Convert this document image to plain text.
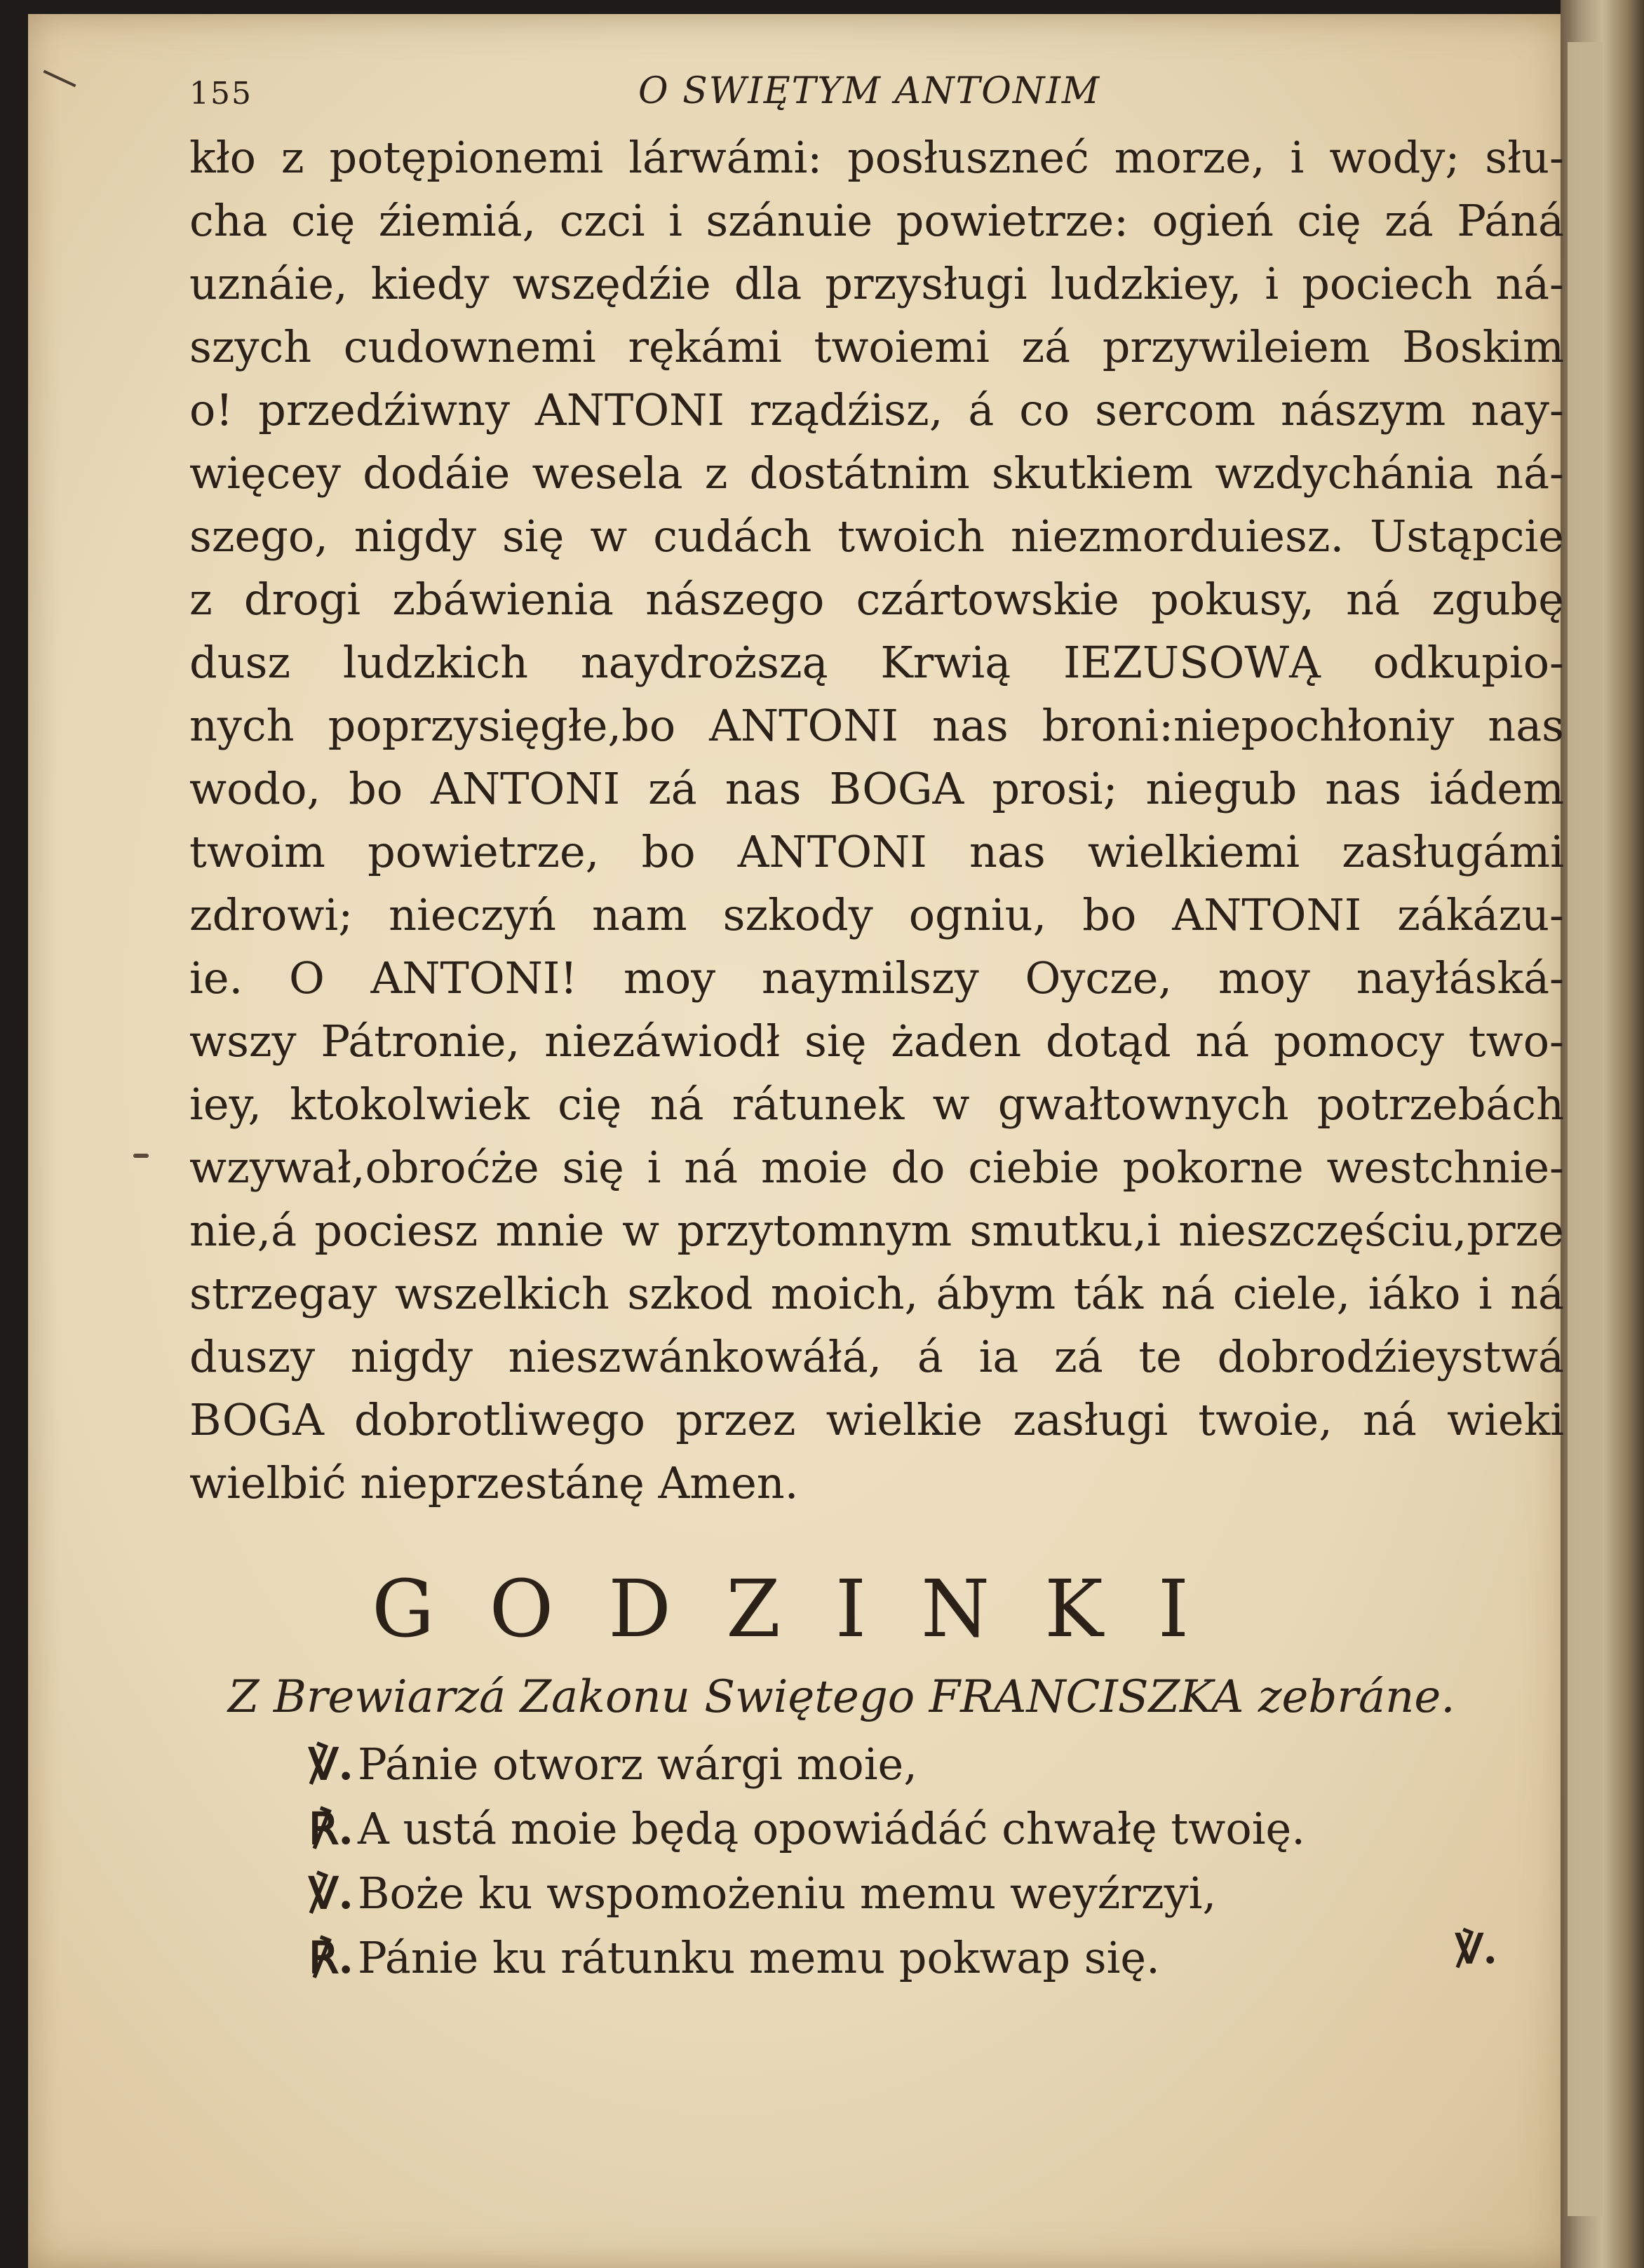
155	O SWIĘTYM ANTONIM
kło z potępionemi lárwámi: posłuszneć morze, i wody; słu-
cha cię źiemiá, czci i szánuie powietrze: ogień cię zá Páná
uznáie, kiedy wszędźie dla przysługi ludzkiey, i pociech ná-
szych cudownemi rękámi twoiemi zá przywileiem Boskim
o! przedźiwny ANTONI rządźisz, á co sercom nászym nay-
więcey dodáie wesela z dostátnim skutkiem wzdychánia ná-
szego, nigdy się w cudách twoich niezmorduiesz. Ustąpcie
z drogi zbáwienia nászego czártowskie pokusy, ná zgubę
dusz ludzkich naydroższą Krwią IEZUSOWĄ odkupio-
nych poprzysięgłe,bo ANTONI nas broni:niepochłoniy nas
wodo, bo ANTONI zá nas BOGA prosi; niegub nas iádem
twoim powietrze, bo ANTONI nas wielkiemi zasługámi
zdrowi; nieczyń nam szkody ogniu, bo ANTONI zákázu-
ie. O ANTONI! moy naymilszy Oycze, moy nayłáská-
wszy Pátronie, niezáwiodł się żaden dotąd ná pomocy two-
iey, ktokolwiek cię ná rátunek w gwałtownych potrzebách
wzywał,obroćże się i ná moie do ciebie pokorne westchnie-
nie,á pociesz mnie w przytomnym smutku,i nieszczęściu,prze
strzegay wszelkich szkod moich, ábym ták ná ciele, iáko i ná
duszy nigdy nieszwánkowáłá, á ia zá te dobrodźieystwá
BOGA dobrotliwego przez wielkie zasługi twoie, ná wieki
wielbić nieprzestánę Amen.
GODZINKI
Z Brewiarzá Zakonu Swiętego FRANCISZKA zebráne.
℣.Pánie otworz wárgi moie,
℟.A ustá moie będą opowiádáć chwałę twoię.
℣.Boże ku wspomożeniu memu weyźrzyi,
℟.Pánie ku rátunku memu pokwap się.	℣.
